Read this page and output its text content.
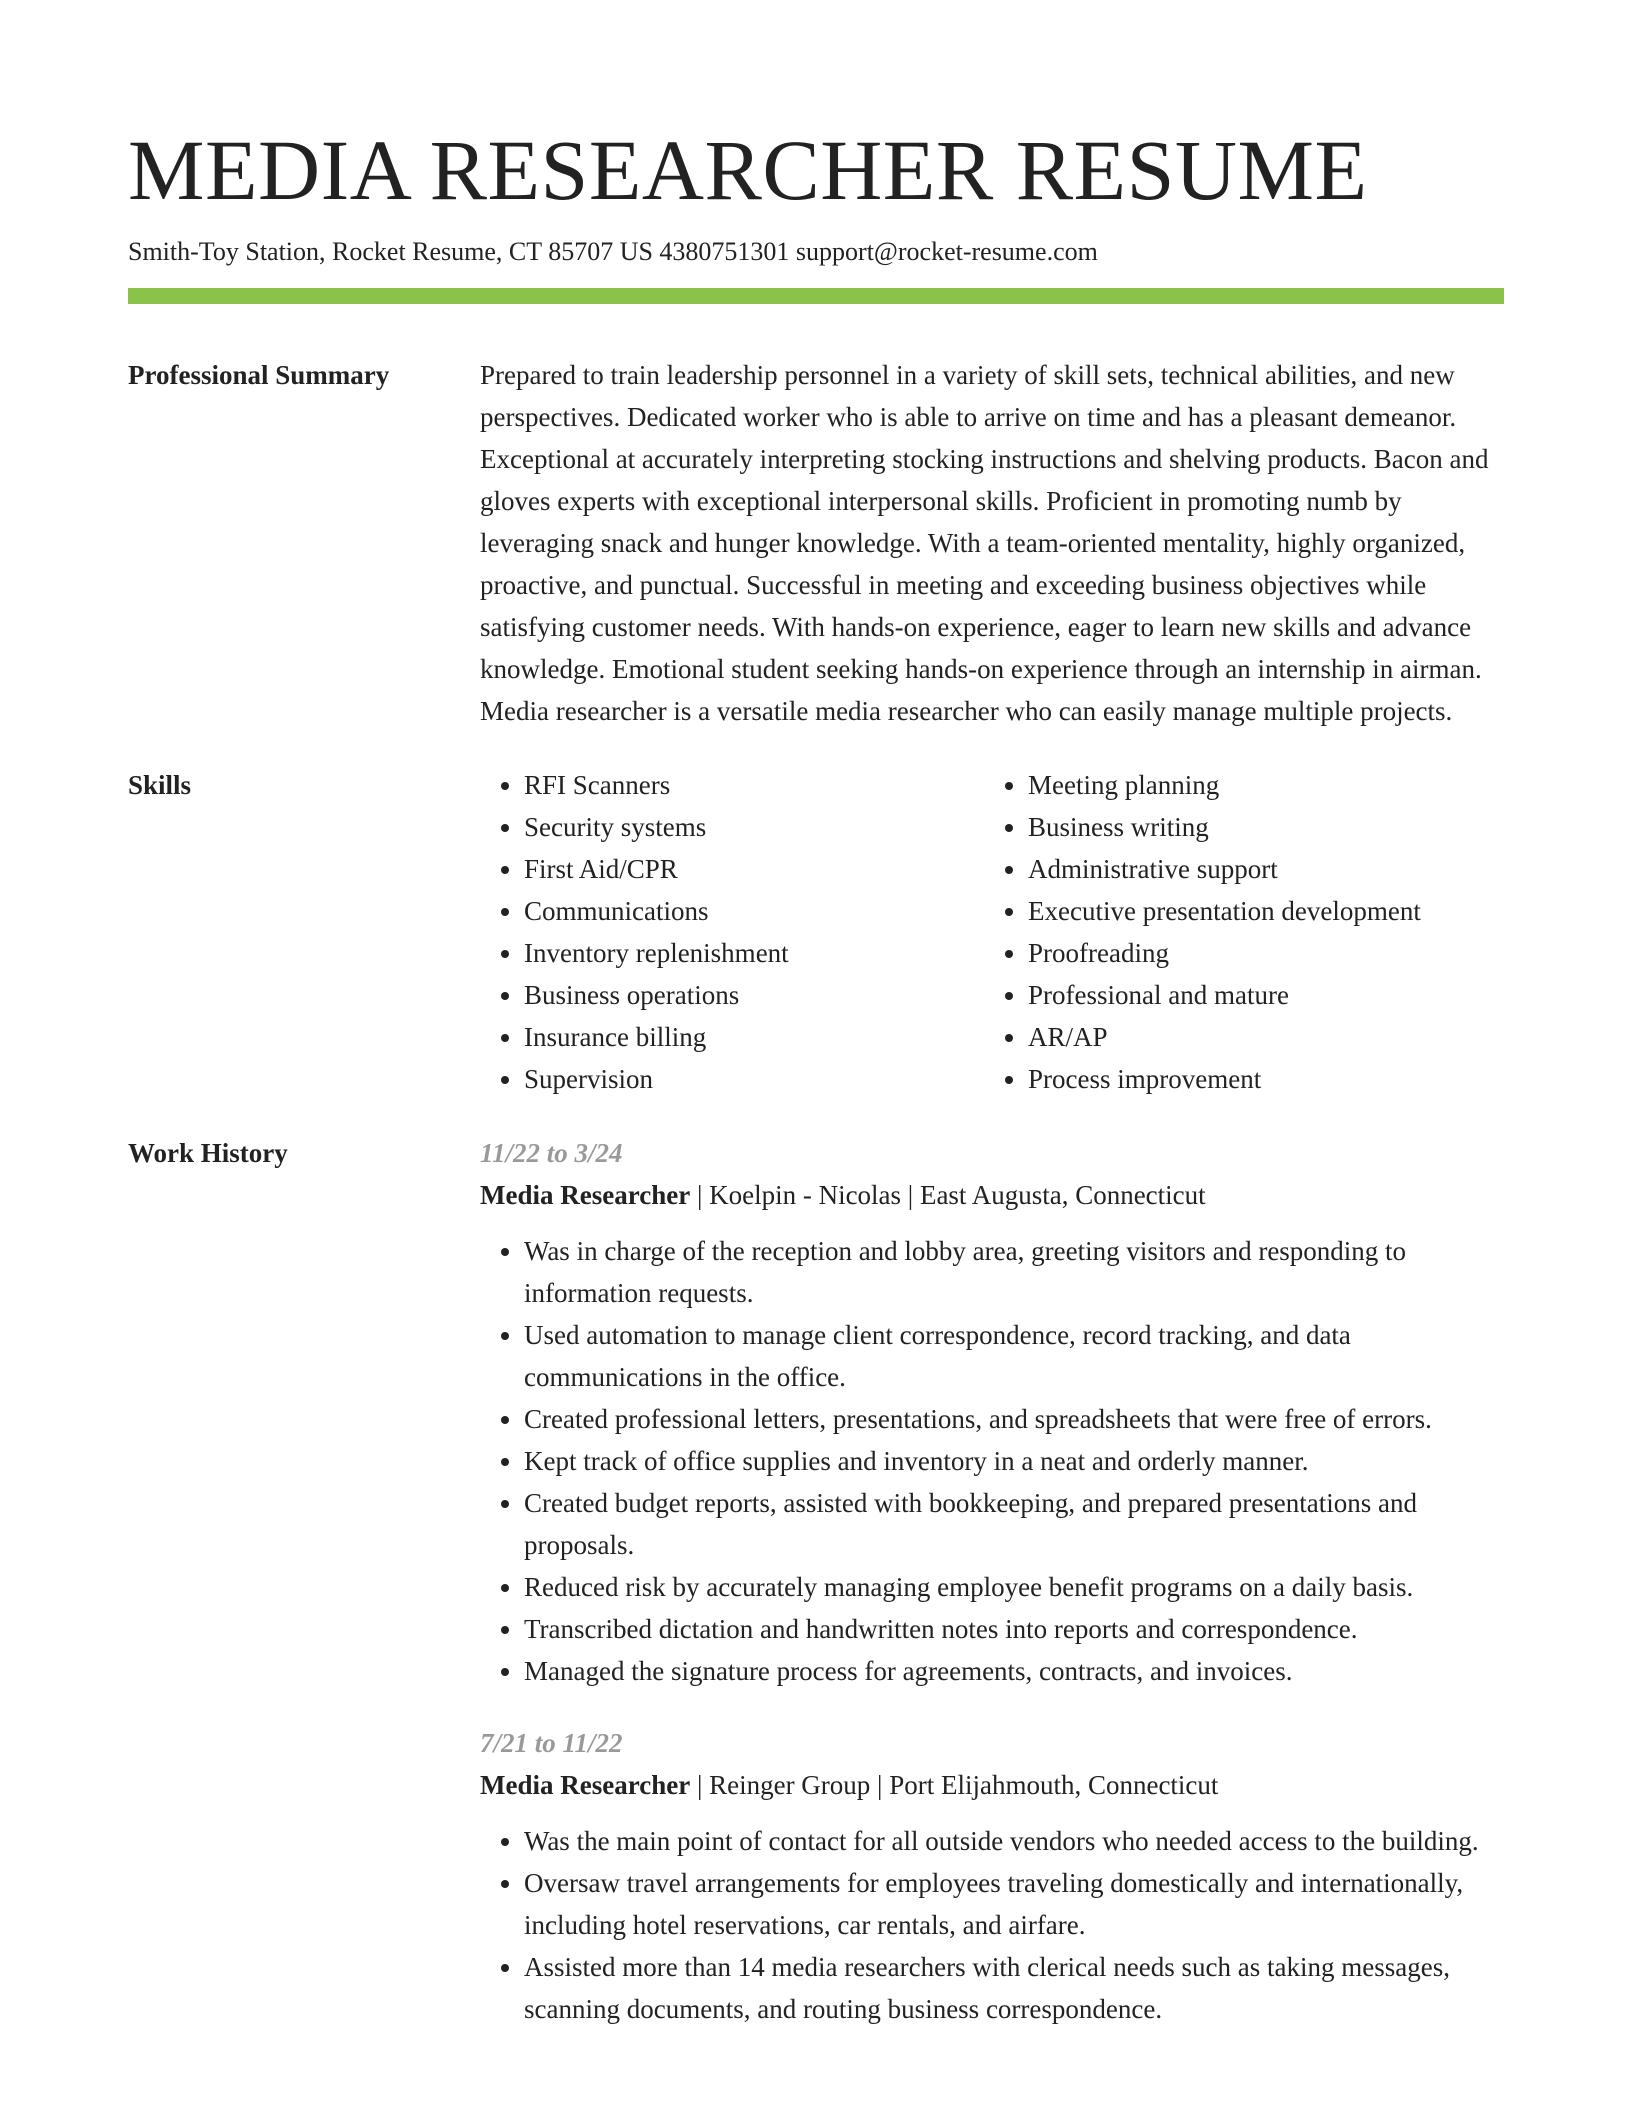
MEDIA RESEARCHER RESUME
Smith-Toy Station, Rocket Resume, CT 85707 US 4380751301 support@rocket-resume.com
Professional Summary	Prepared to train leadership personnel in a variety of skill sets, technical abilities, and new perspectives. Dedicated worker who is able to arrive on time and has a pleasant demeanor. Exceptional at accurately interpreting stocking instructions and shelving products. Bacon and gloves experts with exceptional interpersonal skills. Proficient in promoting numb by leveraging snack and hunger knowledge. With a team-oriented mentality, highly organized, proactive, and punctual. Successful in meeting and exceeding business objectives while satisfying customer needs. With hands-on experience, eager to learn new skills and advance knowledge. Emotional student seeking hands-on experience through an internship in airman. Media researcher is a versatile media researcher who can easily manage multiple projects.

Skills
•	RFI Scanners
• Security systems
• First Aid/CPR
• Communications
• Inventory replenishment
• Business operations
• Insurance billing
• Supervision
• Meeting planning
• Business writing
• Administrative support
• Executive presentation development
• Proofreading
• Professional and mature
• AR/AP
• Process improvement
Work History	11/22 to 3/24
Media Researcher | Koelpin - Nicolas | East Augusta, Connecticut
• Was in charge of the reception and lobby area, greeting visitors and responding to information requests.
• Used automation to manage client correspondence, record tracking, and data communications in the office.
• Created professional letters, presentations, and spreadsheets that were free of errors.
• Kept track of office supplies and inventory in a neat and orderly manner.
• Created budget reports, assisted with bookkeeping, and prepared presentations and proposals.
• Reduced risk by accurately managing employee benefit programs on a daily basis.
• Transcribed dictation and handwritten notes into reports and correspondence.
• Managed the signature process for agreements, contracts, and invoices.
7/21 to 11/22
Media Researcher | Reinger Group | Port Elijahmouth, Connecticut
• Was the main point of contact for all outside vendors who needed access to the building.
• Oversaw travel arrangements for employees traveling domestically and internationally, including hotel reservations, car rentals, and airfare.
• Assisted more than 14 media researchers with clerical needs such as taking messages, scanning documents, and routing business correspondence.
